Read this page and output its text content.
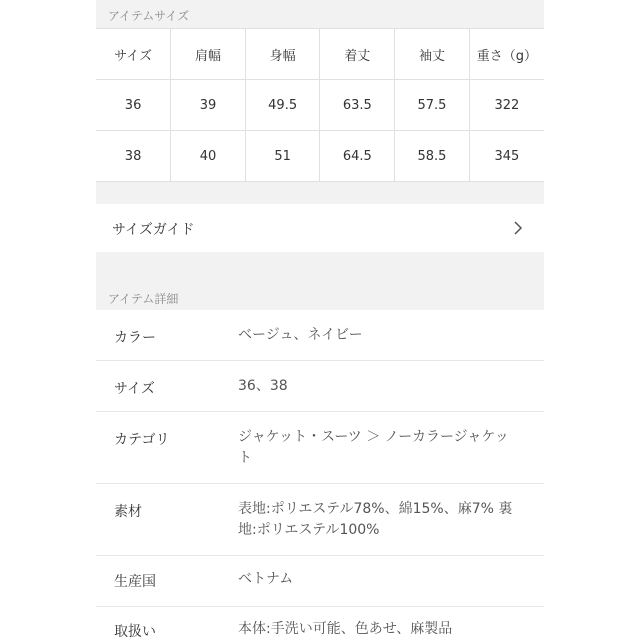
アイテムサイズ
サイズ	肩幅	身幅	着丈	袖丈	重さ（g）
36	39	49.5	63.5	57.5	322
38	40	51	64.5	58.5	345
サイズガイド
アイテム詳細
カラー	ベージュ、ネイビー
サイズ	36、38
カテゴリ	ジャケット・スーツ ＞ ノーカラージャケット
素材	表地:ポリエステル78%、綿15%、麻7% 裏地:ポリエステル100%
生産国	ベトナム
取扱い	本体:手洗い可能、色あせ、麻製品
